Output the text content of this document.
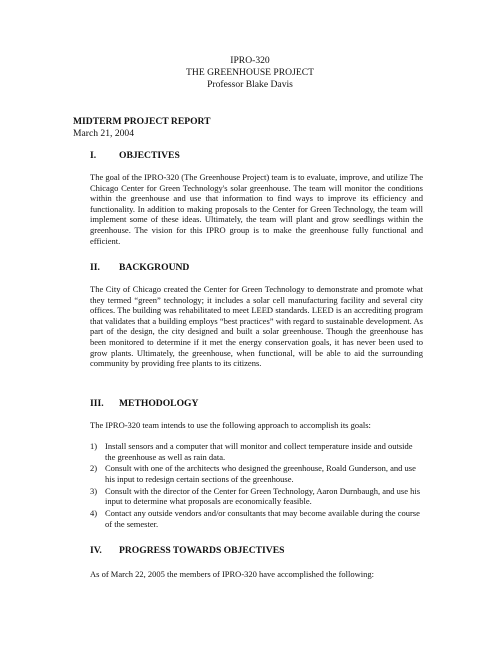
IPRO-320
THE GREENHOUSE PROJECT
Professor Blake Davis
MIDTERM PROJECT REPORT
March 21, 2004
I. OBJECTIVES

The goal of the IPRO-320 (The Greenhouse Project) team is to evaluate, improve, and utilize The Chicago Center for Green Technology's solar greenhouse. The team will monitor the conditions within the greenhouse and use that information to find ways to improve its efficiency and functionality. In addition to making proposals to the Center for Green Technology, the team will implement some of these ideas. Ultimately, the team will plant and grow seedlings within the greenhouse. The vision for this IPRO group is to make the greenhouse fully functional and efficient.

II. BACKGROUND

The City of Chicago created the Center for Green Technology to demonstrate and promote what they termed “green” technology; it includes a solar cell manufacturing facility and several city offices. The building was rehabilitated to meet LEED standards. LEED is an accrediting program that validates that a building employs “best practices” with regard to sustainable development. As part of the design, the city designed and built a solar greenhouse. Though the greenhouse has been monitored to determine if it met the energy conservation goals, it has never been used to grow plants. Ultimately, the greenhouse, when functional, will be able to aid the surrounding community by providing free plants to its citizens.

III. METHODOLOGY

The IPRO-320 team intends to use the following approach to accomplish its goals:

1) Install sensors and a computer that will monitor and collect temperature inside and outside the greenhouse as well as rain data.
2) Consult with one of the architects who designed the greenhouse, Roald Gunderson, and use his input to redesign certain sections of the greenhouse.
3) Consult with the director of the Center for Green Technology, Aaron Durnbaugh, and use his input to determine what proposals are economically feasible.
4) Contact any outside vendors and/or consultants that may become available during the course of the semester.
IV. PROGRESS TOWARDS OBJECTIVES

As of March 22, 2005 the members of IPRO-320 have accomplished the following:
